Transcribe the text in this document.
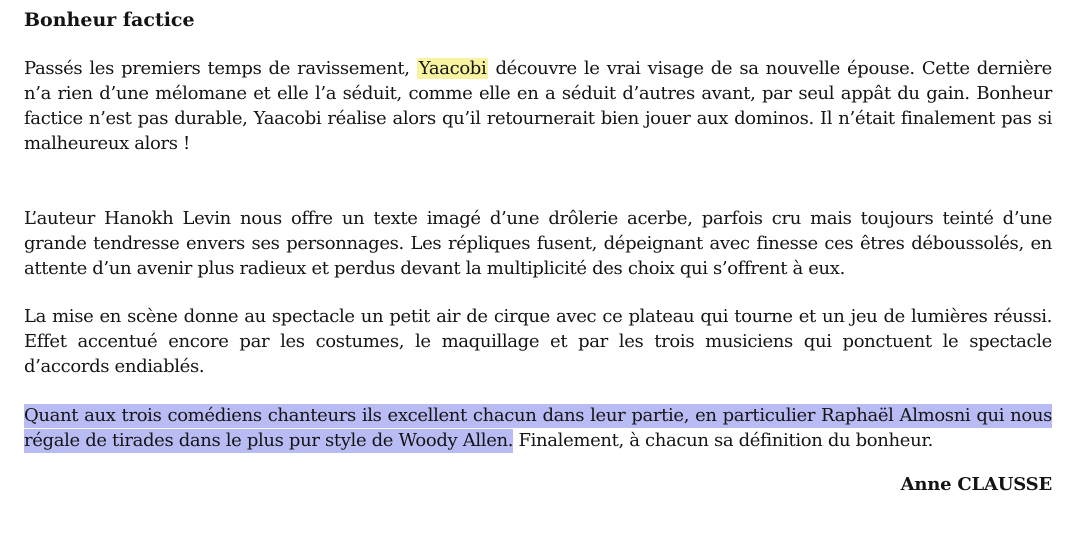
Bonheur factice

Passés les premiers temps de ravissement, Yaacobi découvre le vrai visage de sa nouvelle épouse. Cette dernière n’a rien d’une mélomane et elle l’a séduit, comme elle en a séduit d’autres avant, par seul appât du gain. Bonheur factice n’est pas durable, Yaacobi réalise alors qu’il retournerait bien jouer aux dominos. Il n’était finalement pas si malheureux alors !

L’auteur Hanokh Levin nous offre un texte imagé d’une drôlerie acerbe, parfois cru mais toujours teinté d’une grande tendresse envers ses personnages. Les répliques fusent, dépeignant avec finesse ces êtres déboussolés, en attente d’un avenir plus radieux et perdus devant la multiplicité des choix qui s’offrent à eux.

La mise en scène donne au spectacle un petit air de cirque avec ce plateau qui tourne et un jeu de lumières réussi. Effet accentué encore par les costumes, le maquillage et par les trois musiciens qui ponctuent le spectacle d’accords endiablés.

Quant aux trois comédiens chanteurs ils excellent chacun dans leur partie, en particulier Raphaël Almosni qui nous régale de tirades dans le plus pur style de Woody Allen. Finalement, à chacun sa définition du bonheur.

Anne CLAUSSE
